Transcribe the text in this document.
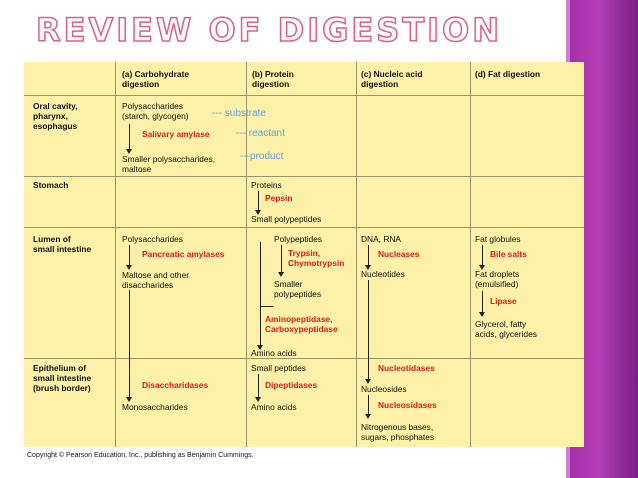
REVIEW OF DIGESTION
(a) Carbohydrate
digestion
(b) Protein
digestion
(c) Nucleic acid
digestion
(d) Fat digestion
Oral cavity,
pharynx,
esophagus
Stomach
Lumen of
small intestine
Epithelium of
small intestine
(brush border)
Polysaccharides
(starch, glycogen)
Salivary amylase
Smaller polysaccharides,
maltose
--- substrate
--- reactant
---product
Proteins
Pepsin
Small polypeptides
Polysaccharides
Pancreatic amylases
Maltose and other
disaccharides
Polypeptides
Trypsin,
Chymotrypsin
Smaller
polypeptides
Aminopeptidase,
Carboxypeptidase
Amino acids
DNA, RNA
Nucleases
Nucleotides
Fat globules
Bile salts
Fat droplets
(emulsified)
Lipase
Glycerol, fatty
acids, glycerides
Disaccharidases
Monosaccharides
Small peptides
Dipeptidases
Amino acids
Nucleotidases
Nucleosides
Nucleosidases
Nitrogenous bases,
sugars, phosphates
Copyright © Pearson Education, Inc., publishing as Benjamin Cummings.
